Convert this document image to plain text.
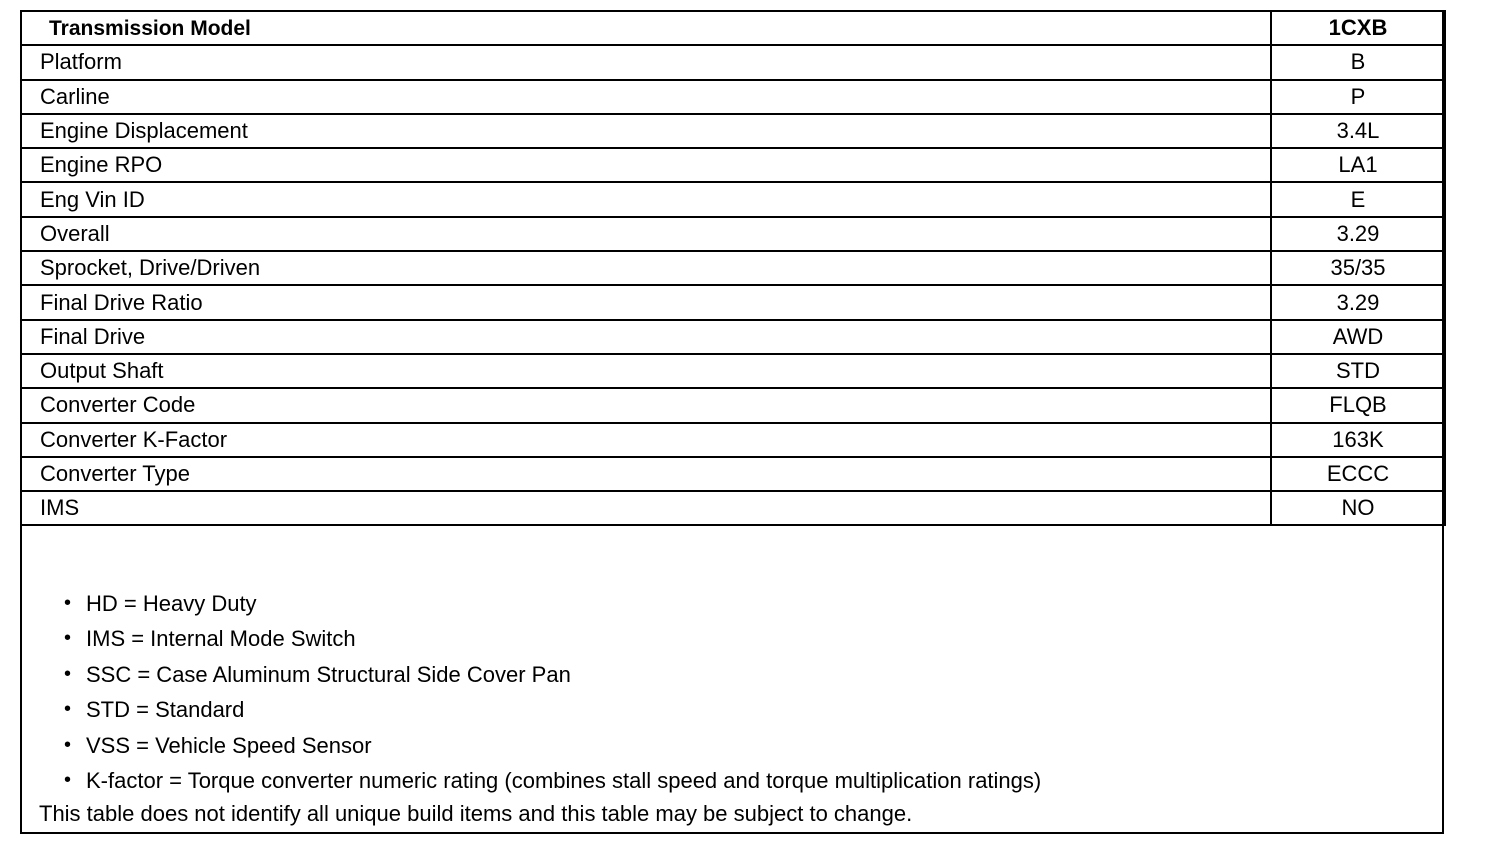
Transmission Model	1CXB
Platform	B
Carline	P
Engine Displacement	3.4L
Engine RPO	LA1
Eng Vin ID	E
Overall	3.29
Sprocket, Drive/Driven	35/35
Final Drive Ratio	3.29
Final Drive	AWD
Output Shaft	STD
Converter Code	FLQB
Converter K-Factor	163K
Converter Type	ECCC
IMS	NO
• HD = Heavy Duty
• IMS = Internal Mode Switch
• SSC = Case Aluminum Structural Side Cover Pan
• STD = Standard
• VSS = Vehicle Speed Sensor
• K-factor = Torque converter numeric rating (combines stall speed and torque multiplication ratings)
This table does not identify all unique build items and this table may be subject to change.
